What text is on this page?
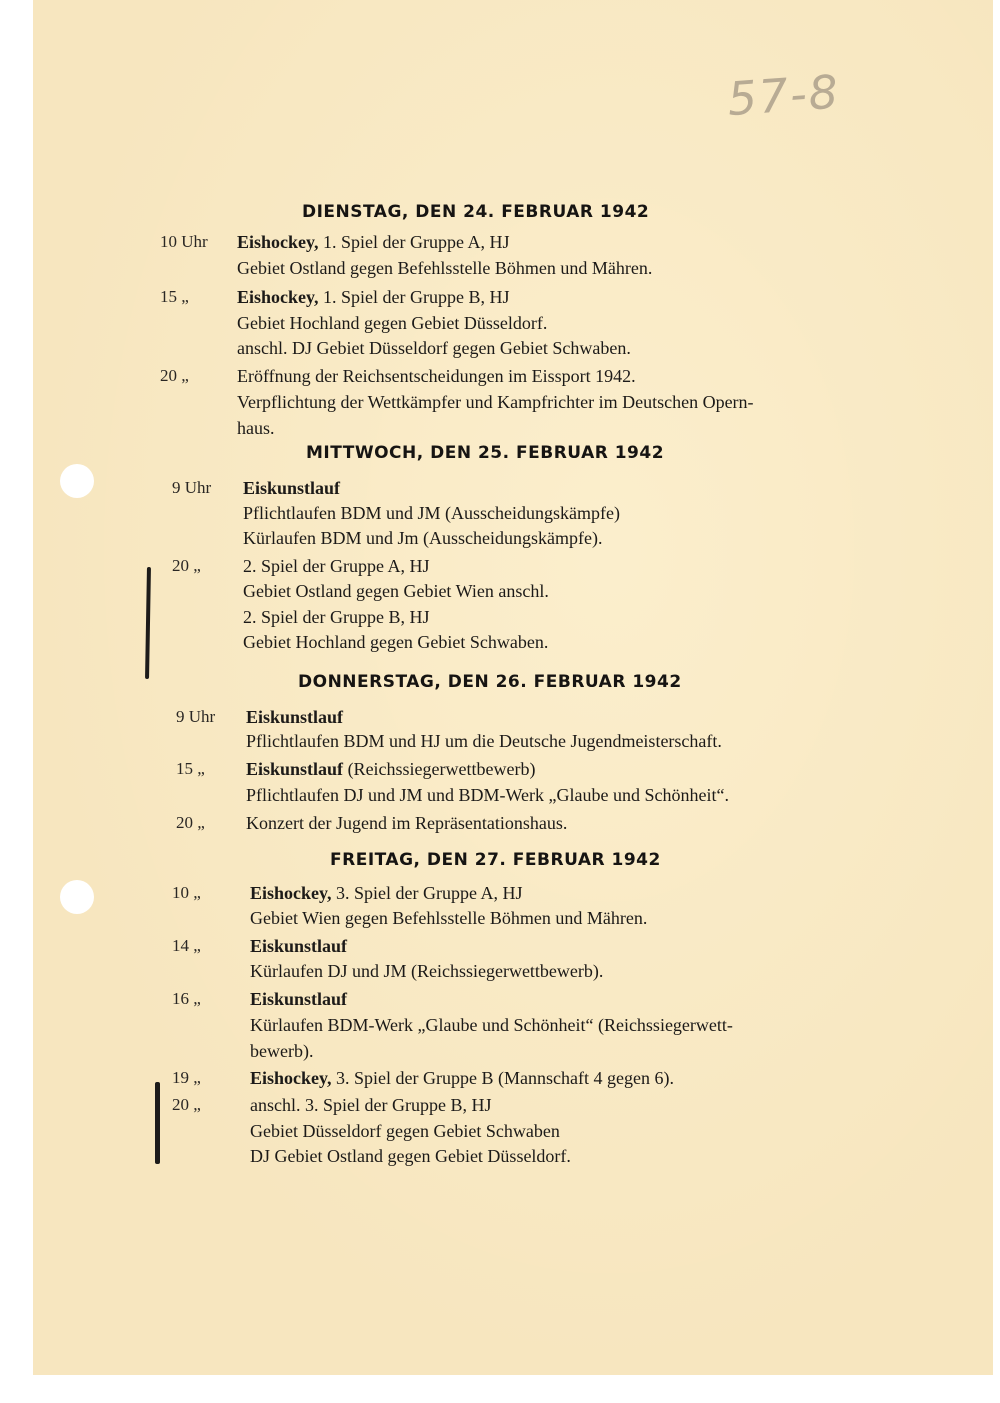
57-8
DIENSTAG, DEN 24. FEBRUAR 1942
10 Uhr Eishockey, 1. Spiel der Gruppe A, HJ
Gebiet Ostland gegen Befehlsstelle Böhmen und Mähren.
15 „	Eishockey, 1. Spiel der Gruppe B, HJ
Gebiet Hochland gegen Gebiet Düsseldorf.
anschl. DJ Gebiet Düsseldorf gegen Gebiet Schwaben.
20 „	Eröffnung der Reichsentscheidungen im Eissport 1942.
Verpflichtung der Wettkämpfer und Kampfrichter im Deutschen Opern-
haus.
MITTWOCH, DEN 25. FEBRUAR 1942
9 Uhr Eiskunstlauf
Pflichtlaufen BDM und JM (Ausscheidungskämpfe)
Kürlaufen BDM und Jm (Ausscheidungskämpfe).
20 „ 2. Spiel der Gruppe A, HJ
Gebiet Ostland gegen Gebiet Wien anschl.
2. Spiel der Gruppe B, HJ
Gebiet Hochland gegen Gebiet Schwaben.
DONNERSTAG, DEN 26. FEBRUAR 1942
9 Uhr Eiskunstlauf
Pflichtlaufen BDM und HJ um die Deutsche Jugendmeisterschaft.
15 „ Eiskunstlauf (Reichssiegerwettbewerb)
Pflichtlaufen DJ und JM und BDM-Werk „Glaube und Schönheit“.
20 „ Konzert der Jugend im Repräsentationshaus.
FREITAG, DEN 27. FEBRUAR 1942
10 „	Eishockey, 3. Spiel der Gruppe A, HJ
Gebiet Wien gegen Befehlsstelle Böhmen und Mähren.
14 „	Eiskunstlauf
Kürlaufen DJ und JM (Reichssiegerwettbewerb).
16 „	Eiskunstlauf
Kürlaufen BDM-Werk „Glaube und Schönheit“ (Reichssiegerwett-
bewerb).
19 „	Eishockey, 3. Spiel der Gruppe B (Mannschaft 4 gegen 6).
20 „	anschl. 3. Spiel der Gruppe B, HJ
Gebiet Düsseldorf gegen Gebiet Schwaben
DJ Gebiet Ostland gegen Gebiet Düsseldorf.
